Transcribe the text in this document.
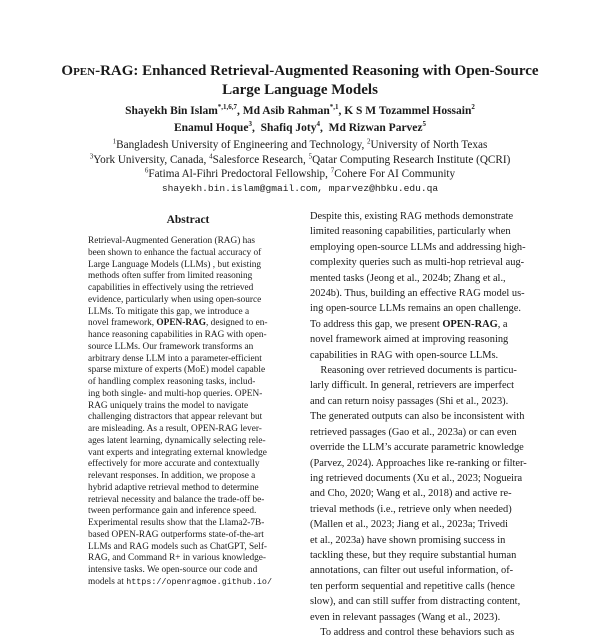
Open-RAG: Enhanced Retrieval-Augmented Reasoning with Open-Source
Large Language Models
Shayekh Bin Islam$^{*,1,6,7}$, Md Asib Rahman$^{*,1}$, K S M Tozammel Hossain$^2$
Enamul Hoque$^3$,  Shafiq Joty$^4$,  Md Rizwan Parvez$^5$
$^1$Bangladesh University of Engineering and Technology, $^2$University of North Texas
$^3$York University, Canada, $^4$Salesforce Research, $^5$Qatar Computing Research Institute (QCRI)
$^6$Fatima Al-Fihri Predoctoral Fellowship, $^7$Cohere For AI Community
shayekh.bin.islam@gmail.com, mparvez@hbku.edu.qa
Abstract
Retrieval-Augmented Generation (RAG) has
been shown to enhance the factual accuracy of
Large Language Models (LLMs) , but existing
methods often suffer from limited reasoning
capabilities in effectively using the retrieved
evidence, particularly when using open-source
LLMs. To mitigate this gap, we introduce a
novel framework, OPEN-RAG, designed to en-
hance reasoning capabilities in RAG with open-
source LLMs. Our framework transforms an
arbitrary dense LLM into a parameter-efficient
sparse mixture of experts (MoE) model capable
of handling complex reasoning tasks, includ-
ing both single- and multi-hop queries. OPEN-
RAG uniquely trains the model to navigate
challenging distractors that appear relevant but
are misleading. As a result, OPEN-RAG lever-
ages latent learning, dynamically selecting rele-
vant experts and integrating external knowledge
effectively for more accurate and contextually
relevant responses. In addition, we propose a
hybrid adaptive retrieval method to determine
retrieval necessity and balance the trade-off be-
tween performance gain and inference speed.
Experimental results show that the Llama2-7B-
based OPEN-RAG outperforms state-of-the-art
LLMs and RAG models such as ChatGPT, Self-
RAG, and Command R+ in various knowledge-
intensive tasks. We open-source our code and
models at https://openragmoe.github.io/
Despite this, existing RAG methods demonstrate
limited reasoning capabilities, particularly when
employing open-source LLMs and addressing high-
complexity queries such as multi-hop retrieval aug-
mented tasks (Jeong et al., 2024b; Zhang et al.,
2024b). Thus, building an effective RAG model us-
ing open-source LLMs remains an open challenge.
To address this gap, we present OPEN-RAG, a
novel framework aimed at improving reasoning
capabilities in RAG with open-source LLMs.
Reasoning over retrieved documents is particu-
larly difficult. In general, retrievers are imperfect
and can return noisy passages (Shi et al., 2023).
The generated outputs can also be inconsistent with
retrieved passages (Gao et al., 2023a) or can even
override the LLM’s accurate parametric knowledge
(Parvez, 2024). Approaches like re-ranking or filter-
ing retrieved documents (Xu et al., 2023; Nogueira
and Cho, 2020; Wang et al., 2018) and active re-
trieval methods (i.e., retrieve only when needed)
(Mallen et al., 2023; Jiang et al., 2023a; Trivedi
et al., 2023a) have shown promising success in
tackling these, but they require substantial human
annotations, can filter out useful information, of-
ten perform sequential and repetitive calls (hence
slow), and can still suffer from distracting content,
even in relevant passages (Wang et al., 2023).
To address and control these behaviors such as
